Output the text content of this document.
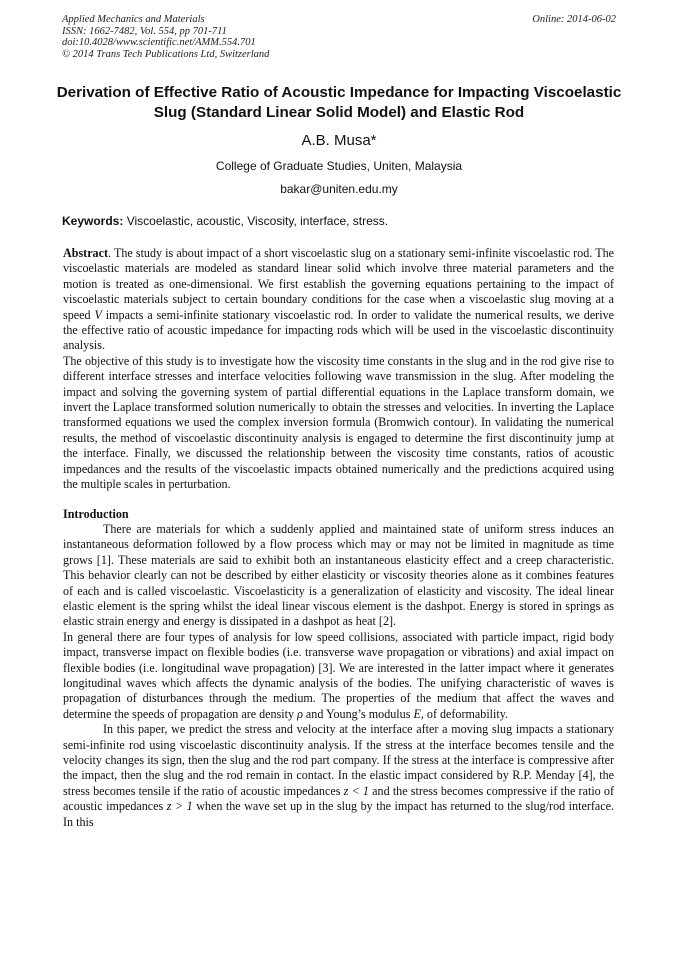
Applied Mechanics and Materials
ISSN: 1662-7482, Vol. 554, pp 701-711
doi:10.4028/www.scientific.net/AMM.554.701
© 2014 Trans Tech Publications Ltd, Switzerland
Online: 2014-06-02
Derivation of Effective Ratio of Acoustic Impedance for Impacting Viscoelastic Slug (Standard Linear Solid Model) and Elastic Rod
A.B. Musa*
College of Graduate Studies, Uniten, Malaysia
bakar@uniten.edu.my
Keywords: Viscoelastic, acoustic, Viscosity, interface, stress.

Abstract. The study is about impact of a short viscoelastic slug on a stationary semi-infinite viscoelastic rod. The viscoelastic materials are modeled as standard linear solid which involve three material parameters and the motion is treated as one-dimensional. We first establish the governing equations pertaining to the impact of viscoelastic materials subject to certain boundary conditions for the case when a viscoelastic slug moving at a speed V impacts a semi-infinite stationary viscoelastic rod. In order to validate the numerical results, we derive the effective ratio of acoustic impedance for impacting rods which will be used in the viscoelastic discontinuity analysis.

The objective of this study is to investigate how the viscosity time constants in the slug and in the rod give rise to different interface stresses and interface velocities following wave transmission in the slug. After modeling the impact and solving the governing system of partial differential equations in the Laplace transform domain, we invert the Laplace transformed solution numerically to obtain the stresses and velocities. In inverting the Laplace transformed equations we used the complex inversion formula (Bromwich contour). In validating the numerical results, the method of viscoelastic discontinuity analysis is engaged to determine the first discontinuity jump at the interface. Finally, we discussed the relationship between the viscosity time constants, ratios of acoustic impedances and the results of the viscoelastic impacts obtained numerically and the predictions acquired using the multiple scales in perturbation.

Introduction

There are materials for which a suddenly applied and maintained state of uniform stress induces an instantaneous deformation followed by a flow process which may or may not be limited in magnitude as time grows [1]. These materials are said to exhibit both an instantaneous elasticity effect and a creep characteristic. This behavior clearly can not be described by either elasticity or viscosity theories alone as it combines features of each and is called viscoelastic. Viscoelasticity is a generalization of elasticity and viscosity. The ideal linear elastic element is the spring whilst the ideal linear viscous element is the dashpot. Energy is stored in springs as elastic strain energy and energy is dissipated in a dashpot as heat [2].

In general there are four types of analysis for low speed collisions, associated with particle impact, rigid body impact, transverse impact on flexible bodies (i.e. transverse wave propagation or vibrations) and axial impact on flexible bodies (i.e. longitudinal wave propagation) [3]. We are interested in the latter impact where it generates longitudinal waves which affects the dynamic analysis of the bodies. The unifying characteristic of waves is propagation of disturbances through the medium. The properties of the medium that affect the waves and determine the speeds of propagation are density ρ and Young’s modulus E, of deformability.

In this paper, we predict the stress and velocity at the interface after a moving slug impacts a stationary semi-infinite rod using viscoelastic discontinuity analysis. If the stress at the interface becomes tensile and the velocity changes its sign, then the slug and the rod part company. If the stress at the interface is compressive after the impact, then the slug and the rod remain in contact. In the elastic impact considered by R.P. Menday [4], the stress becomes tensile if the ratio of acoustic impedances z < 1 and the stress becomes compressive if the ratio of acoustic impedances z > 1 when the wave set up in the slug by the impact has returned to the slug/rod interface. In this
